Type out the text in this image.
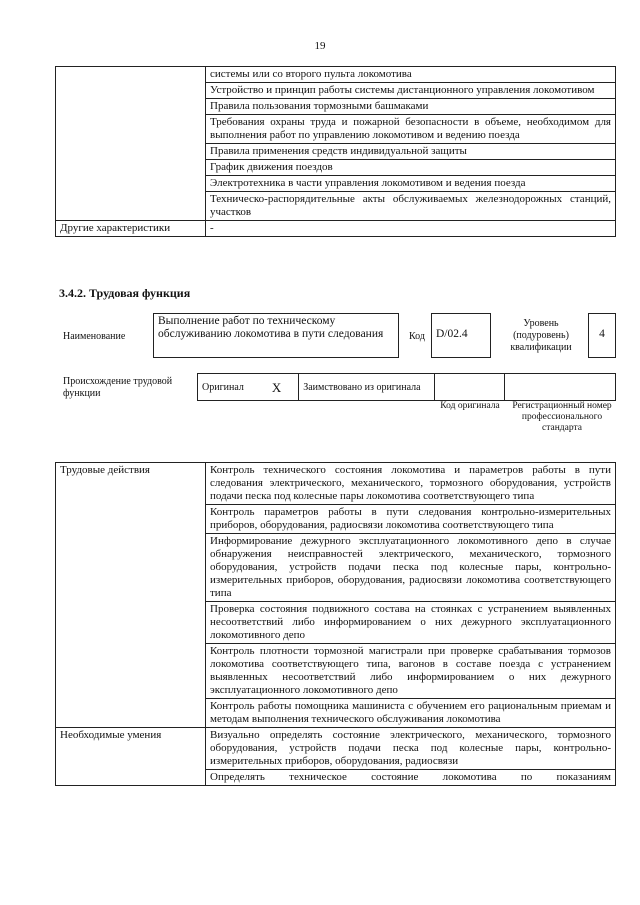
19
	системы или со второго пульта локомотива
	Устройство и принцип работы системы дистанционного управления локомотивом
	Правила пользования тормозными башмаками
	Требования охраны труда и пожарной безопасности в объеме, необходимом для выполнения работ по управлению локомотивом и ведению поезда
	Правила применения средств индивидуальной защиты
	График движения поездов
	Электротехника в части управления локомотивом и ведения поезда
	Техническо-распорядительные акты обслуживаемых железнодорожных станций, участков
Другие характеристики	-
3.4.2. Трудовая функция
Наименование
Выполнение работ по техническому обслуживанию локомотива в пути следования	Код D/02.4
Уровень (подуровень) квалификации
4
Происхождение трудовой функции
Оригинал	X	Заимствовано из оригинала		
Код оригинала	Регистрационный номер профессионального стандарта
Трудовые действия	Контроль технического состояния локомотива и параметров работы в пути следования электрического, механического, тормозного оборудования, устройств подачи песка под колесные пары локомотива соответствующего типа
	Контроль параметров работы в пути следования контрольно-измерительных приборов, оборудования, радиосвязи локомотива соответствующего типа
	Информирование дежурного эксплуатационного локомотивного депо в случае обнаружения неисправностей электрического, механического, тормозного оборудования, устройств подачи песка под колесные пары, контрольно-измерительных приборов, оборудования, радиосвязи локомотива соответствующего типа
	Проверка состояния подвижного состава на стоянках с устранением выявленных несоответствий либо информированием о них дежурного эксплуатационного локомотивного депо
	Контроль плотности тормозной магистрали при проверке срабатывания тормозов локомотива соответствующего типа, вагонов в составе поезда с устранением выявленных несоответствий либо информированием о них дежурного эксплуатационного локомотивного депо
	Контроль работы помощника машиниста с обучением его рациональным приемам и методам выполнения технического обслуживания локомотива
Необходимые умения	Визуально определять состояние электрического, механического, тормозного оборудования, устройств подачи песка под колесные пары, контрольно-измерительных приборов, оборудования, радиосвязи
	Определять техническое состояние локомотива по показаниям
